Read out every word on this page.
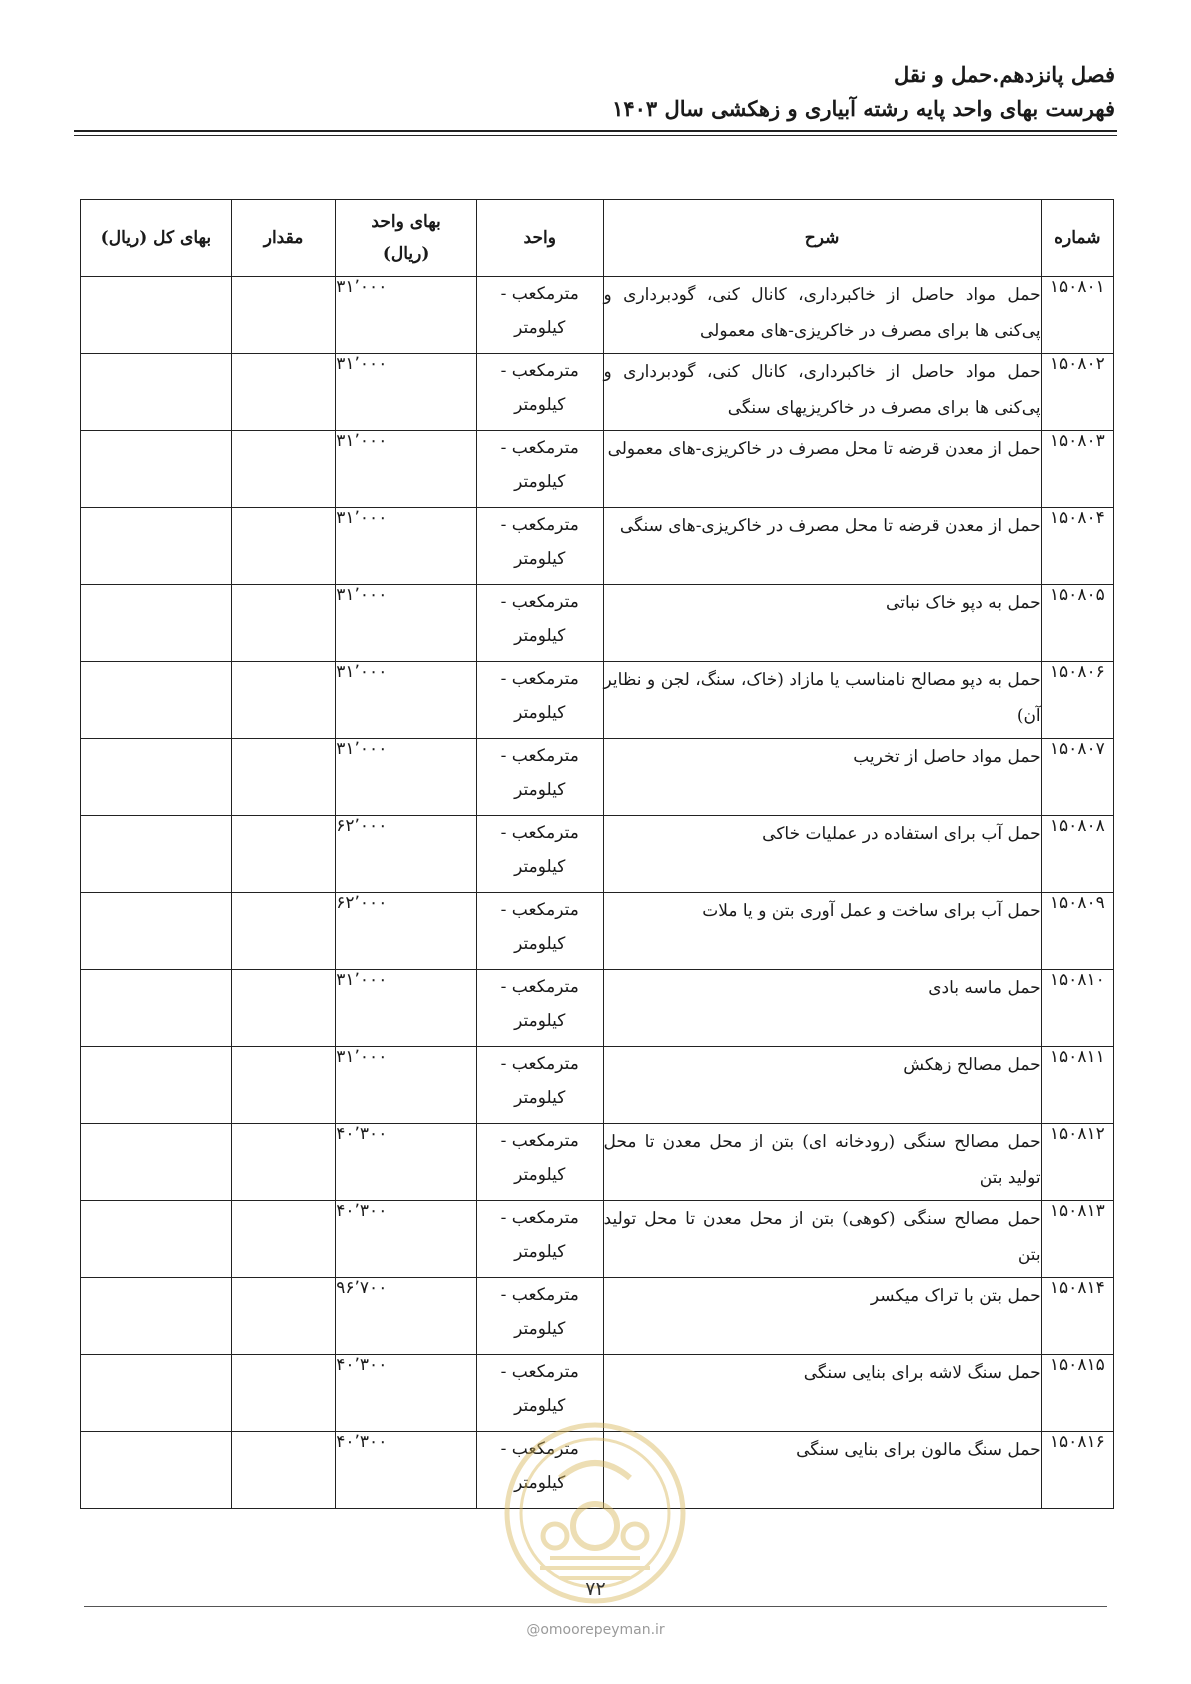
فصل پانزدهم.حمل و نقل
فهرست بهای واحد پایه رشته آبیاری و زهکشی سال ۱۴۰۳
شماره	شرح	واحد	بهای واحد (ریال)	مقدار	بهای کل (ریال)
۱۵۰۸۰۱	حمل مواد حاصل از خاکبرداری، کانال کنی، گودبرداری و پی‌کنی ها برای مصرف در خاکریزی-های معمولی	مترمکعب - کیلومتر	۳۱٬۰۰۰		
۱۵۰۸۰۲	حمل مواد حاصل از خاکبرداری، کانال کنی، گودبرداری و پی‌کنی ها برای مصرف در خاکریزیهای سنگی	مترمکعب - کیلومتر	۳۱٬۰۰۰		
۱۵۰۸۰۳	حمل از معدن قرضه تا محل مصرف در خاکریزی-های معمولی	مترمکعب - کیلومتر	۳۱٬۰۰۰		
۱۵۰۸۰۴	حمل از معدن قرضه تا محل مصرف در خاکریزی-های سنگی	مترمکعب - کیلومتر	۳۱٬۰۰۰		
۱۵۰۸۰۵	حمل به دپو خاک نباتی	مترمکعب - کیلومتر	۳۱٬۰۰۰		
۱۵۰۸۰۶	حمل به دپو مصالح نامناسب یا مازاد (خاک، سنگ، لجن و نظایر آن)	مترمکعب - کیلومتر	۳۱٬۰۰۰		
۱۵۰۸۰۷	حمل مواد حاصل از تخریب	مترمکعب - کیلومتر	۳۱٬۰۰۰		
۱۵۰۸۰۸	حمل آب برای استفاده در عملیات خاکی	مترمکعب - کیلومتر	۶۲٬۰۰۰		
۱۵۰۸۰۹	حمل آب برای ساخت و عمل آوری بتن و یا ملات	مترمکعب - کیلومتر	۶۲٬۰۰۰		
۱۵۰۸۱۰	حمل ماسه بادی	مترمکعب - کیلومتر	۳۱٬۰۰۰		
۱۵۰۸۱۱	حمل مصالح زهکش	مترمکعب - کیلومتر	۳۱٬۰۰۰		
۱۵۰۸۱۲	حمل مصالح سنگی (رودخانه ای) بتن از محل معدن تا محل تولید بتن	مترمکعب - کیلومتر	۴۰٬۳۰۰		
۱۵۰۸۱۳	حمل مصالح سنگی (کوهی) بتن از محل معدن تا محل تولید بتن	مترمکعب - کیلومتر	۴۰٬۳۰۰		
۱۵۰۸۱۴	حمل بتن با تراک میکسر	مترمکعب - کیلومتر	۹۶٬۷۰۰		
۱۵۰۸۱۵	حمل سنگ لاشه برای بنایی سنگی	مترمکعب - کیلومتر	۴۰٬۳۰۰		
۱۵۰۸۱۶	حمل سنگ مالون برای بنایی سنگی	مترمکعب - کیلومتر	۴۰٬۳۰۰		
۷۲
@omoorepeyman.ir
